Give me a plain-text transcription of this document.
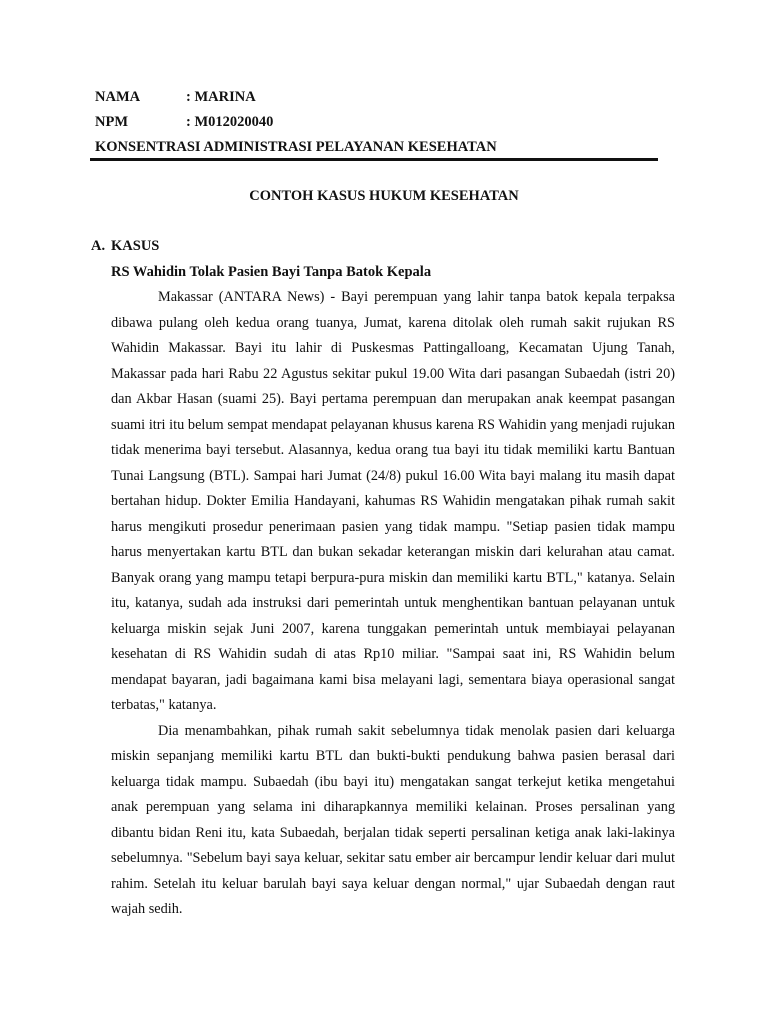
NAMA	: MARINA
NPM	: M012020040
KONSENTRASI ADMINISTRASI PELAYANAN KESEHATAN
CONTOH KASUS HUKUM KESEHATAN
A. KASUS
RS Wahidin Tolak Pasien Bayi Tanpa Batok Kepala

Makassar (ANTARA News) - Bayi perempuan yang lahir tanpa batok kepala terpaksa dibawa pulang oleh kedua orang tuanya, Jumat, karena ditolak oleh rumah sakit rujukan RS Wahidin Makassar. Bayi itu lahir di Puskesmas Pattingalloang, Kecamatan Ujung Tanah, Makassar pada hari Rabu 22 Agustus sekitar pukul 19.00 Wita dari pasangan Subaedah (istri 20) dan Akbar Hasan (suami 25). Bayi pertama perempuan dan merupakan anak keempat pasangan suami itri itu belum sempat mendapat pelayanan khusus karena RS Wahidin yang menjadi rujukan tidak menerima bayi tersebut. Alasannya, kedua orang tua bayi itu tidak memiliki kartu Bantuan Tunai Langsung (BTL). Sampai hari Jumat (24/8) pukul 16.00 Wita bayi malang itu masih dapat bertahan hidup. Dokter Emilia Handayani, kahumas RS Wahidin mengatakan pihak rumah sakit harus mengikuti prosedur penerimaan pasien yang tidak mampu. "Setiap pasien tidak mampu harus menyertakan kartu BTL dan bukan sekadar keterangan miskin dari kelurahan atau camat. Banyak orang yang mampu tetapi berpura-pura miskin dan memiliki kartu BTL," katanya. Selain itu, katanya, sudah ada instruksi dari pemerintah untuk menghentikan bantuan pelayanan untuk keluarga miskin sejak Juni 2007, karena tunggakan pemerintah untuk membiayai pelayanan kesehatan di RS Wahidin sudah di atas Rp10 miliar. "Sampai saat ini, RS Wahidin belum mendapat bayaran, jadi bagaimana kami bisa melayani lagi, sementara biaya operasional sangat terbatas," katanya.

Dia menambahkan, pihak rumah sakit sebelumnya tidak menolak pasien dari keluarga miskin sepanjang memiliki kartu BTL dan bukti-bukti pendukung bahwa pasien berasal dari keluarga tidak mampu. Subaedah (ibu bayi itu) mengatakan sangat terkejut ketika mengetahui anak perempuan yang selama ini diharapkannya memiliki kelainan. Proses persalinan yang dibantu bidan Reni itu, kata Subaedah, berjalan tidak seperti persalinan ketiga anak laki-lakinya sebelumnya. "Sebelum bayi saya keluar, sekitar satu ember air bercampur lendir keluar dari mulut rahim. Setelah itu keluar barulah bayi saya keluar dengan normal," ujar Subaedah dengan raut wajah sedih.
